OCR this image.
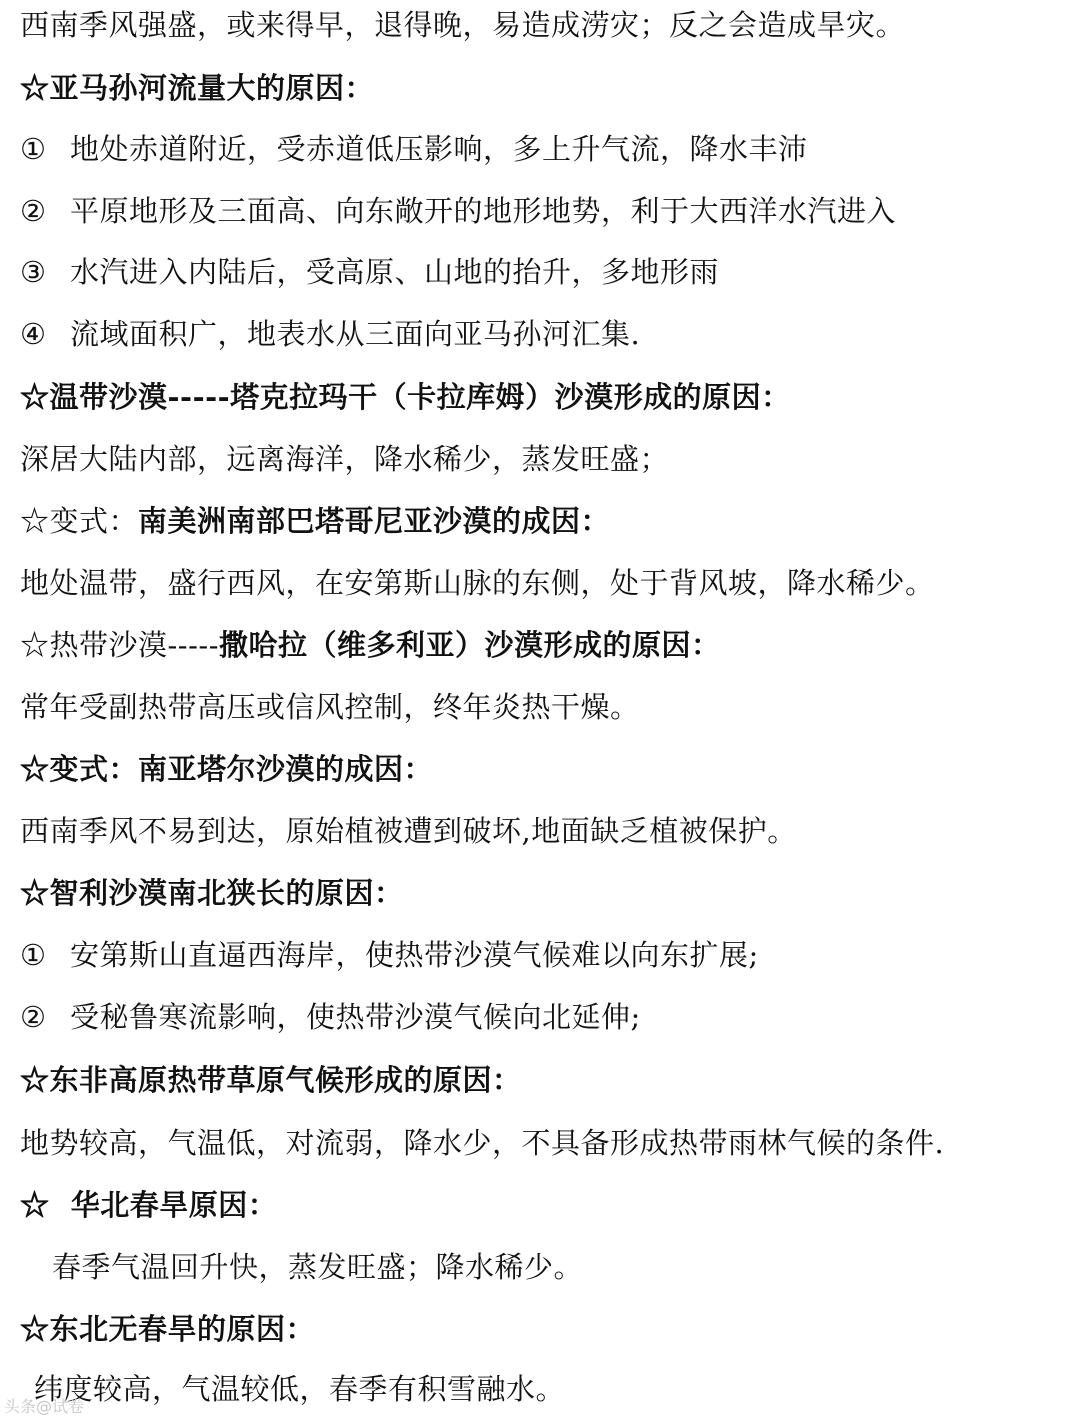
西南季风强盛，或来得早，退得晚，易造成涝灾；反之会造成旱灾。
☆亚马孙河流量大的原因：
① 地处赤道附近，受赤道低压影响，多上升气流，降水丰沛
② 平原地形及三面高、向东敞开的地形地势，利于大西洋水汽进入
③ 水汽进入内陆后，受高原、山地的抬升，多地形雨
④ 流域面积广，地表水从三面向亚马孙河汇集.
☆温带沙漠-----塔克拉玛干（卡拉库姆）沙漠形成的原因：
深居大陆内部，远离海洋，降水稀少，蒸发旺盛；
☆变式：南美洲南部巴塔哥尼亚沙漠的成因：
地处温带，盛行西风，在安第斯山脉的东侧，处于背风坡，降水稀少。
☆热带沙漠-----撒哈拉（维多利亚）沙漠形成的原因：
常年受副热带高压或信风控制，终年炎热干燥。
☆变式：南亚塔尔沙漠的成因：
西南季风不易到达，原始植被遭到破坏,地面缺乏植被保护。
☆智利沙漠南北狭长的原因：
① 安第斯山直逼西海岸，使热带沙漠气候难以向东扩展;
② 受秘鲁寒流影响，使热带沙漠气候向北延伸;
☆东非高原热带草原气候形成的原因：
地势较高，气温低，对流弱，降水少，不具备形成热带雨林气候的条件.
☆  华北春旱原因：
春季气温回升快，蒸发旺盛；降水稀少。
☆东北无春旱的原因：
纬度较高，气温较低，春季有积雪融水。
头条@试卷
